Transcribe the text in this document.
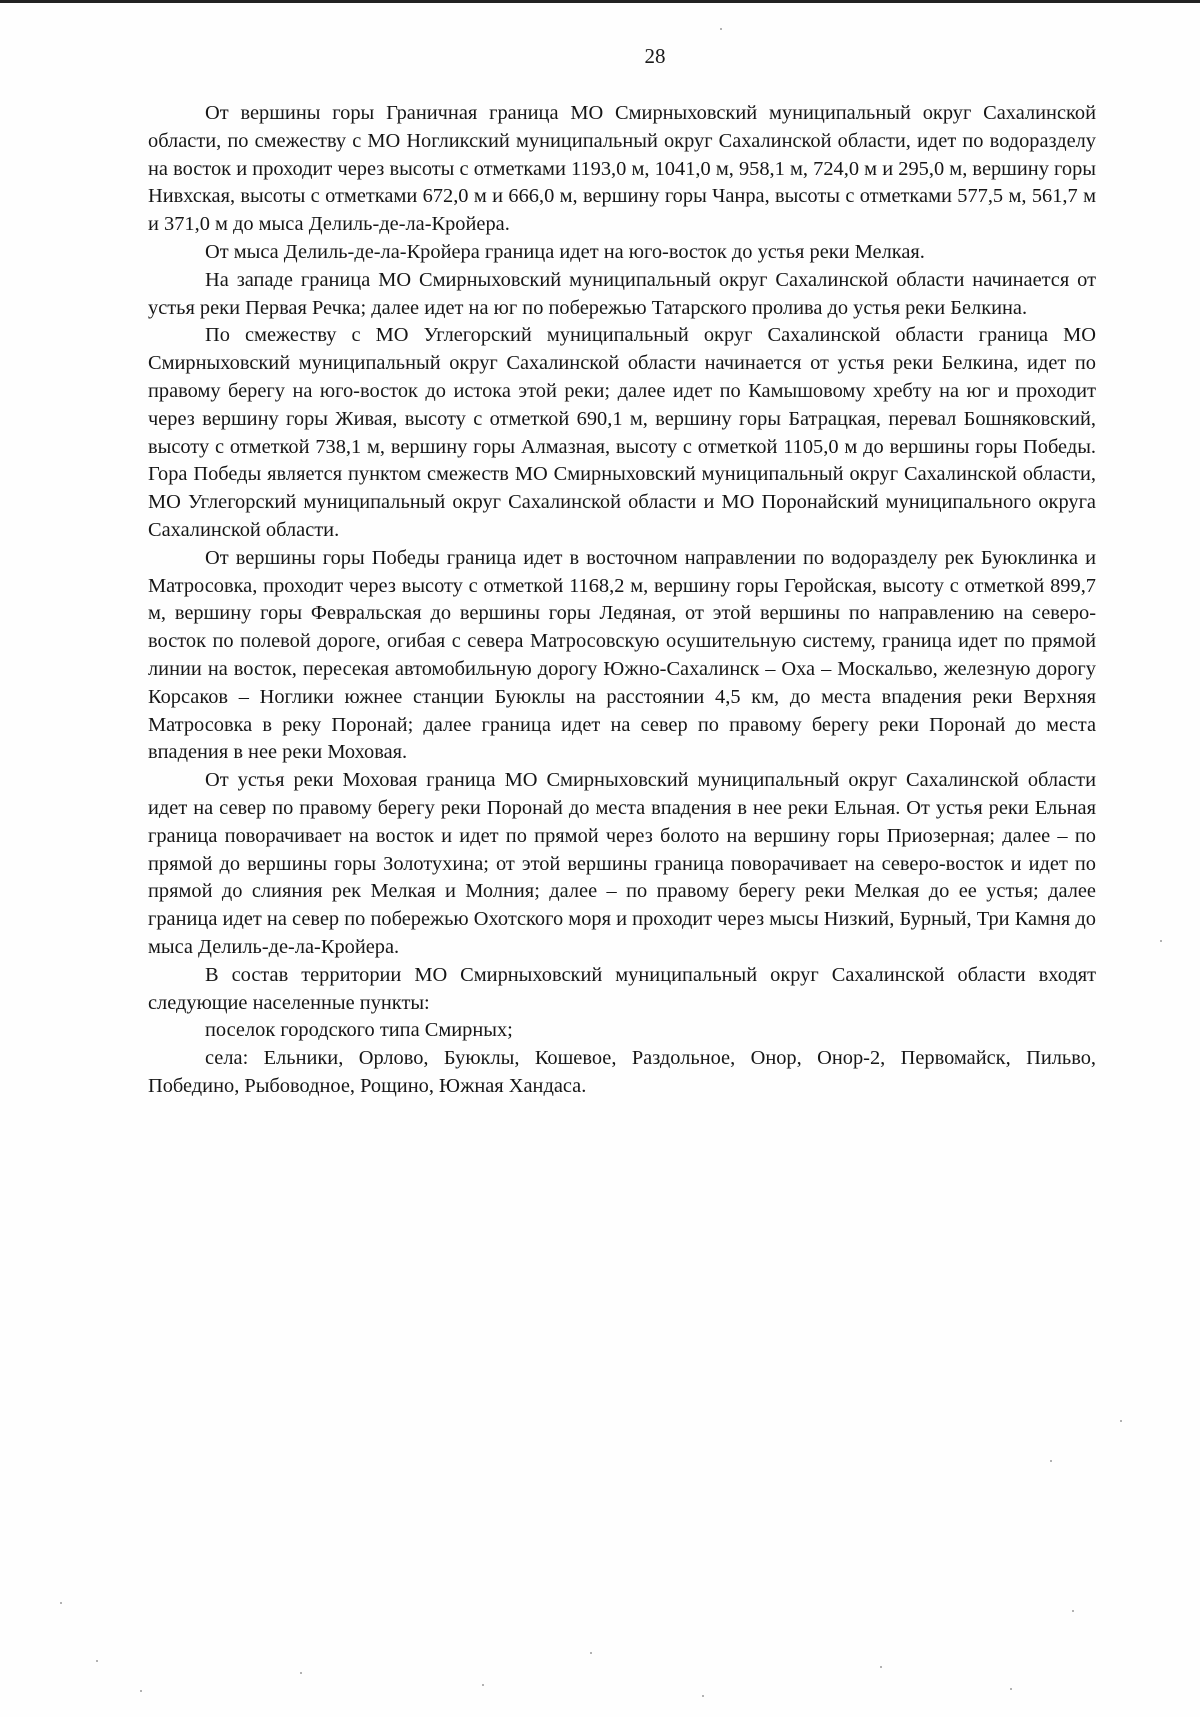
28

От вершины горы Граничная граница МО Смирныховский муниципальный округ Сахалинской области, по смежеству с МО Ногликский муниципальный округ Сахалинской области, идет по водоразделу на восток и проходит через высоты с отметками 1193,0 м, 1041,0 м, 958,1 м, 724,0 м и 295,0 м, вершину горы Нивхская, высоты с отметками 672,0 м и 666,0 м, вершину горы Чанра, высоты с отметками 577,5 м, 561,7 м и 371,0 м до мыса Делиль-де-ла-Кройера.

От мыса Делиль-де-ла-Кройера граница идет на юго-восток до устья реки Мелкая.

На западе граница МО Смирныховский муниципальный округ Сахалинской области начинается от устья реки Первая Речка; далее идет на юг по побережью Татарского пролива до устья реки Белкина.

По смежеству с МО Углегорский муниципальный округ Сахалинской области граница МО Смирныховский муниципальный округ Сахалинской области начинается от устья реки Белкина, идет по правому берегу на юго-восток до истока этой реки; далее идет по Камышовому хребту на юг и проходит через вершину горы Живая, высоту с отметкой 690,1 м, вершину горы Батрацкая, перевал Бошняковский, высоту с отметкой 738,1 м, вершину горы Алмазная, высоту с отметкой 1105,0 м до вершины горы Победы. Гора Победы является пунктом смежеств МО Смирныховский муниципальный округ Сахалинской области, МО Углегорский муниципальный округ Сахалинской области и МО Поронайский муниципального округа Сахалинской области.

От вершины горы Победы граница идет в восточном направлении по водоразделу рек Буюклинка и Матросовка, проходит через высоту с отметкой 1168,2 м, вершину горы Геройская, высоту с отметкой 899,7 м, вершину горы Февральская до вершины горы Ледяная, от этой вершины по направлению на северо-восток по полевой дороге, огибая с севера Матросовскую осушительную систему, граница идет по прямой линии на восток, пересекая автомобильную дорогу Южно-Сахалинск – Оха – Москальво, железную дорогу Корсаков – Ноглики южнее станции Буюклы на расстоянии 4,5 км, до места впадения реки Верхняя Матросовка в реку Поронай; далее граница идет на север по правому берегу реки Поронай до места впадения в нее реки Моховая.

От устья реки Моховая граница МО Смирныховский муниципальный округ Сахалинской области идет на север по правому берегу реки Поронай до места впадения в нее реки Ельная. От устья реки Ельная граница поворачивает на восток и идет по прямой через болото на вершину горы Приозерная; далее – по прямой до вершины горы Золотухина; от этой вершины граница поворачивает на северо-восток и идет по прямой до слияния рек Мелкая и Молния; далее – по правому берегу реки Мелкая до ее устья; далее граница идет на север по побережью Охотского моря и проходит через мысы Низкий, Бурный, Три Камня до мыса Делиль-де-ла-Кройера.

В состав территории МО Смирныховский муниципальный округ Сахалинской области входят следующие населенные пункты:

поселок городского типа Смирных;

села: Ельники, Орлово, Буюклы, Кошевое, Раздольное, Онор, Онор-2, Первомайск, Пильво, Победино, Рыбоводное, Рощино, Южная Хандаса.
